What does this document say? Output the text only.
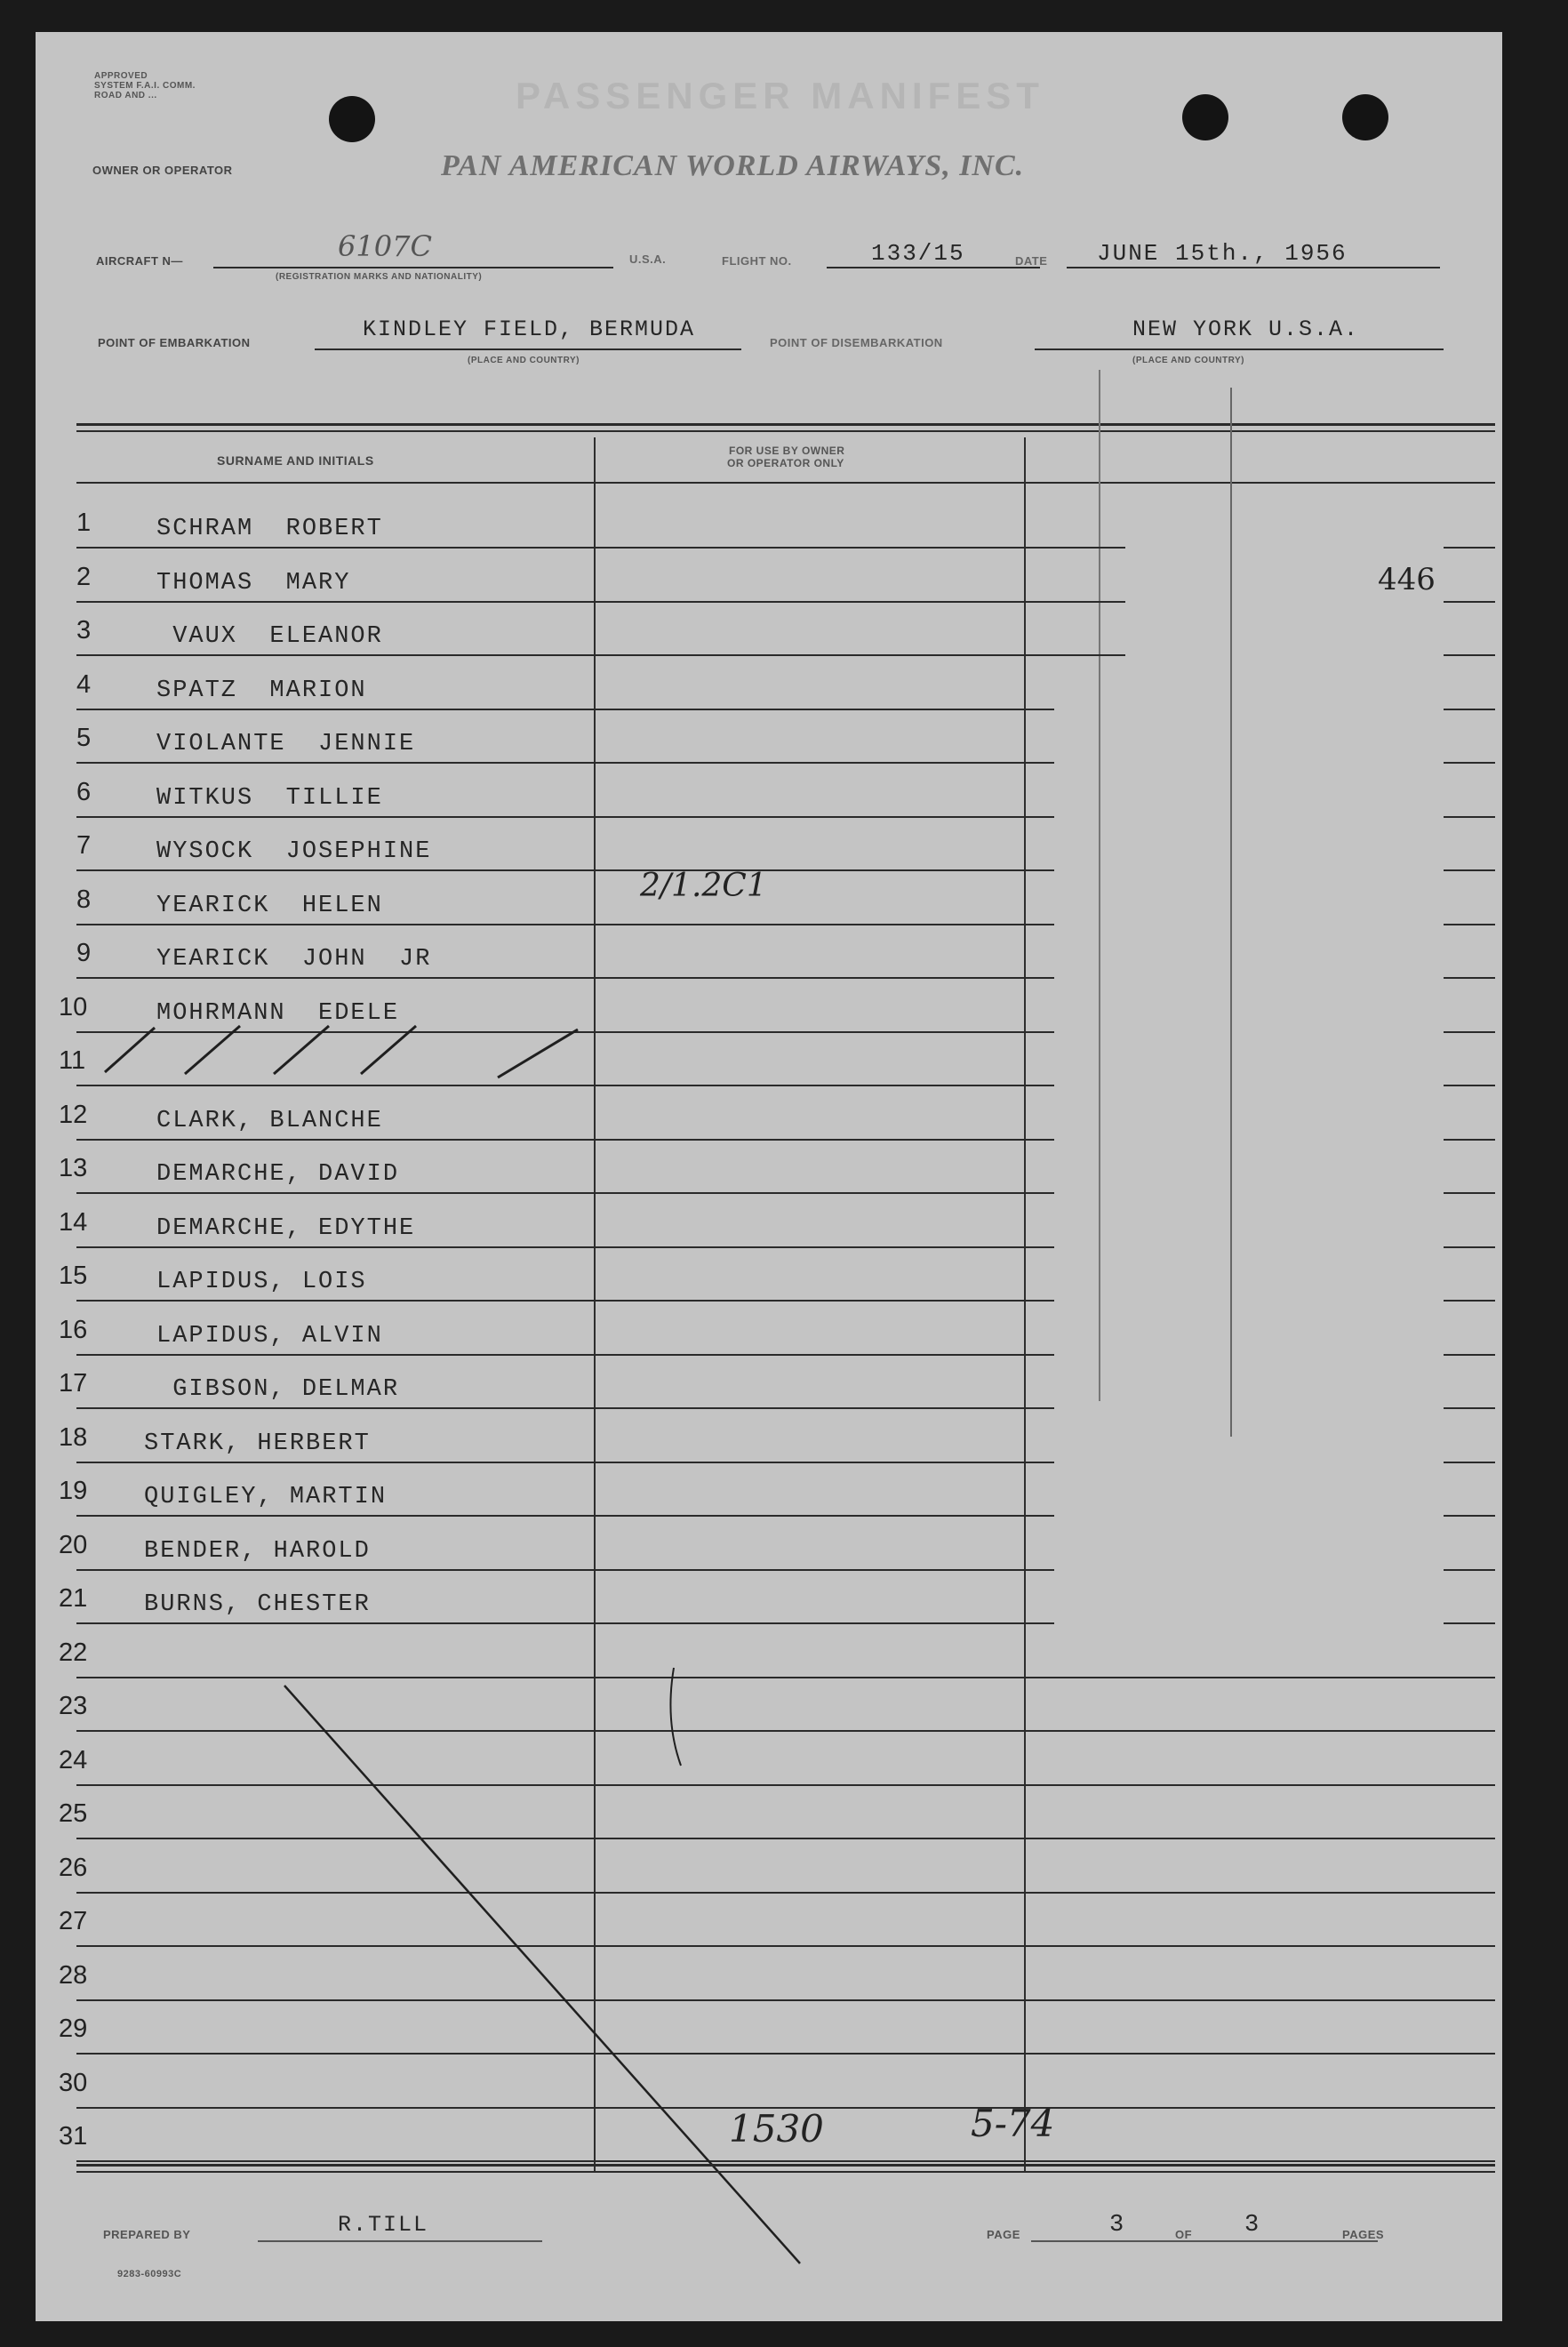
APPROVED
SYSTEM F.A.I. COMM.
ROAD AND ...	PASSENGER MANIFEST
OWNER OR OPERATOR	PAN AMERICAN WORLD AIRWAYS, INC.
AIRCRAFT N—	6107C
(REGISTRATION MARKS AND NATIONALITY)
U.S.A.	FLIGHT NO.	133/15	DATE JUNE 15th., 1956
POINT OF EMBARKATION
KINDLEY FIELD, BERMUDA
(PLACE AND COUNTRY)
POINT OF DISEMBARKATION
NEW YORK U.S.A.
(PLACE AND COUNTRY)
SURNAME AND INITIALS
FOR USE BY OWNER
OR OPERATOR ONLY
1	SCHRAM  ROBERT
2	THOMAS  MARY
3	VAUX  ELEANOR
4	SPATZ  MARION
5	VIOLANTE  JENNIE
6	WITKUS  TILLIE
7	WYSOCK  JOSEPHINE
8	YEARICK  HELEN
9	YEARICK  JOHN  JR
10	MOHRMANN  EDELE
11
12	CLARK, BLANCHE
13	DEMARCHE, DAVID
14	DEMARCHE, EDYTHE
15	LAPIDUS, LOIS
16	LAPIDUS, ALVIN
17	GIBSON, DELMAR
18 STARK, HERBERT
19 QUIGLEY, MARTIN
20 BENDER, HAROLD
21 BURNS, CHESTER
22
23
24
25
26
27
28
29
30
31
446
2/1.2C1
1530	5-74
PREPARED BY	R.TILL	PAGE	3	OF 3	PAGES
9283-60993C
